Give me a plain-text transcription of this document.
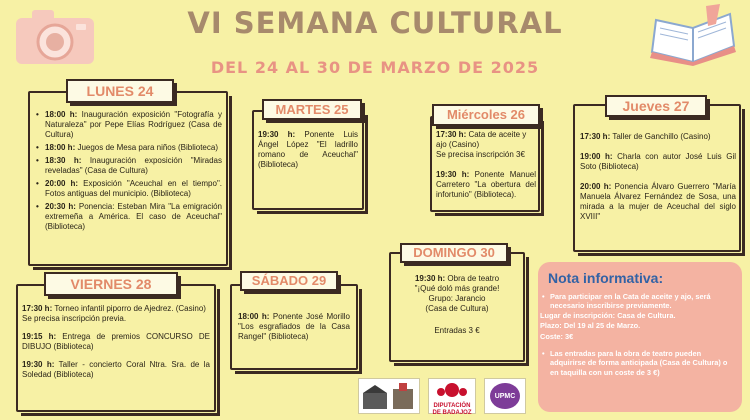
VI SEMANA CULTURAL
DEL 24 AL 30 DE MARZO DE 2025
LUNES 24
• 18:00 h: Inauguración exposición "Fotografía y Naturaleza" por Pepe Elías Rodríguez (Casa de Cultura)
• 18:00 h: Juegos de Mesa para niños (Biblioteca)
• 18:30 h: Inauguración exposición "Miradas reveladas" (Casa de Cultura)
• 20:00 h: Exposición "Aceuchal en el tiempo". Fotos antiguas del municipio. (Biblioteca)
• 20:30 h: Ponencia: Esteban Mira "La emigración extremeña a América. El caso de Aceuchal" (Biblioteca)
MARTES 25

19:30 h: Ponente Luis Ángel López "El ladrillo romano de Aceuchal" (Biblioteca)

Miércoles 26

17:30 h: Cata de aceite y ajo (Casino)

Se precisa inscripción 3€

19:30 h: Ponente Manuel Carretero "La obertura del infortunio" (Biblioteca).

Jueves 27

17:30 h: Taller de Ganchillo (Casino)

19:00 h: Charla con autor José Luis Gil Soto (Biblioteca)

20:00 h: Ponencia Álvaro Guerrero "María Manuela Álvarez Fernández de Sosa, una mirada a la mujer de Aceuchal del siglo XVIII"

VIERNES 28

17:30 h: Torneo infantil piporro de Ajedrez. (Casino)

Se precisa inscripción previa.

19:15 h: Entrega de premios CONCURSO DE DIBUJO (Biblioteca)

19:30 h: Taller - concierto Coral Ntra. Sra. de la Soledad (Biblioteca)

SÁBADO 29

18:00 h: Ponente José Morillo "Los esgrafiados de la Casa Rangel" (Biblioteca)

DOMINGO 30

19:30 h: Obra de teatro

"¡Qué doló más grande!

Grupo: Jarancio

(Casa de Cultura)

Entradas 3 €

Nota informativa:
• Para participar en la Cata de aceite y ajo, será necesario inscribirse previamente.

Lugar de inscripción: Casa de Cultura.

Plazo: Del 19 al 25 de Marzo.

Coste: 3€

• Las entradas para la obra de teatro pueden adquirirse de forma anticipada (Casa de Cultura) o en taquilla con un coste de 3 €)
DIPUTACIÓN
DE BADAJOZ
UPMC
